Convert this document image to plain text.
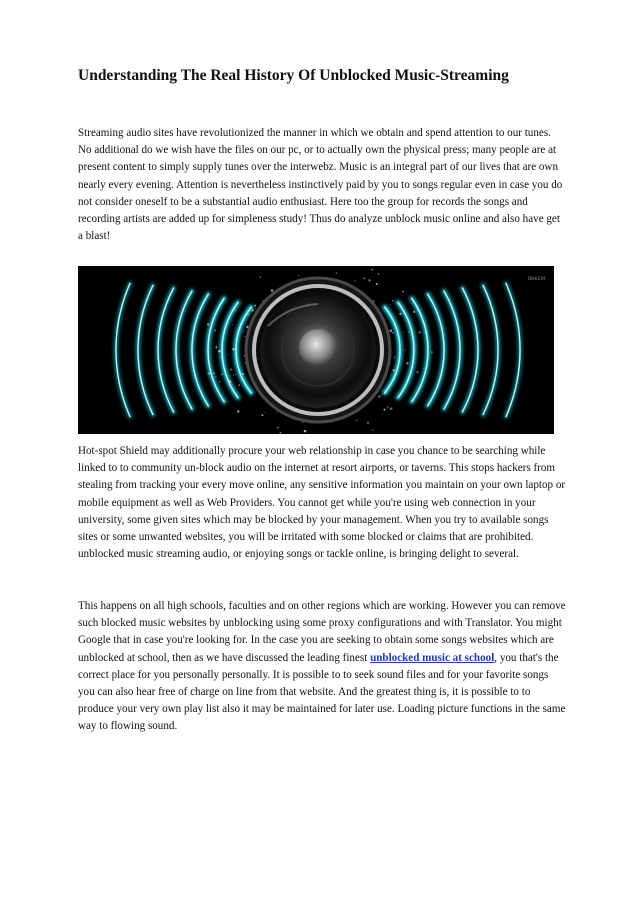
Understanding The Real History Of Unblocked Music-Streaming

Streaming audio sites have revolutionized the manner in which we obtain and spend attention to our tunes. No additional do we wish have the files on our pc, or to actually own the physical press; many people are at present content to simply supply tunes over the interwebz. Music is an integral part of our lives that are own nearly every evening. Attention is nevertheless instinctively paid by you to songs regular even in case you do not consider oneself to be a substantial audio enthusiast. Here too the group for records the songs and recording artists are added up for simpleness study! Thus do analyze unblock music online and also have get a blast!

deezer

Hot-spot Shield may additionally procure your web relationship in case you chance to be searching while linked to to community un-block audio on the internet at resort airports, or taverns. This stops hackers from stealing from tracking your every move online, any sensitive information you maintain on your own laptop or mobile equipment as well as Web Providers. You cannot get while you're using web connection in your university, some given sites which may be blocked by your management. When you try to available songs sites or some unwanted websites, you will be irritated with some blocked or claims that are prohibited. unblocked music streaming audio, or enjoying songs or tackle online, is bringing delight to several.

This happens on all high schools, faculties and on other regions which are working. However you can remove such blocked music websites by unblocking using some proxy configurations and with Translator. You might Google that in case you're looking for. In the case you are seeking to obtain some songs websites which are unblocked at school, then as we have discussed the leading finest unblocked music at school, you that's the correct place for you personally personally. It is possible to to seek sound files and for your favorite songs you can also hear free of charge on line from that website. And the greatest thing is, it is possible to to produce your very own play list also it may be maintained for later use. Loading picture functions in the same way to flowing sound.
